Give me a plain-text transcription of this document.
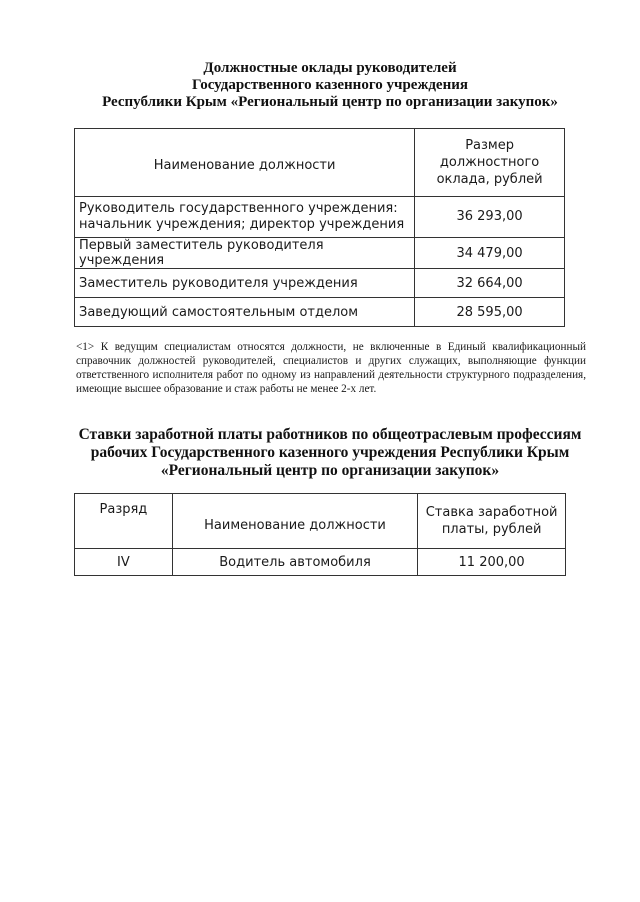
Должностные оклады руководителей
Государственного казенного учреждения
Республики Крым «Региональный центр по организации закупок»
Наименование должности	Размер
должностного
оклада, рублей

Руководитель государственного учреждения:
начальник учреждения; директор учреждения	36 293,00
Первый заместитель руководителя учреждения	34 479,00
Заместитель руководителя учреждения	32 664,00
Заведующий самостоятельным отделом	28 595,00
<1> К ведущим специалистам относятся должности, не включенные в Единый квалификационный справочник должностей руководителей, специалистов и других служащих, выполняющие функции ответственного исполнителя работ по одному из направлений деятельности структурного подразделения, имеющие высшее образование и стаж работы не менее 2-х лет.
Ставки заработной платы работников по общеотраслевым профессиям
рабочих Государственного казенного учреждения Республики Крым
«Региональный центр по организации закупок»
Разряд	Наименование должности	Ставка заработной
платы, рублей

IV	Водитель автомобиля	11 200,00
